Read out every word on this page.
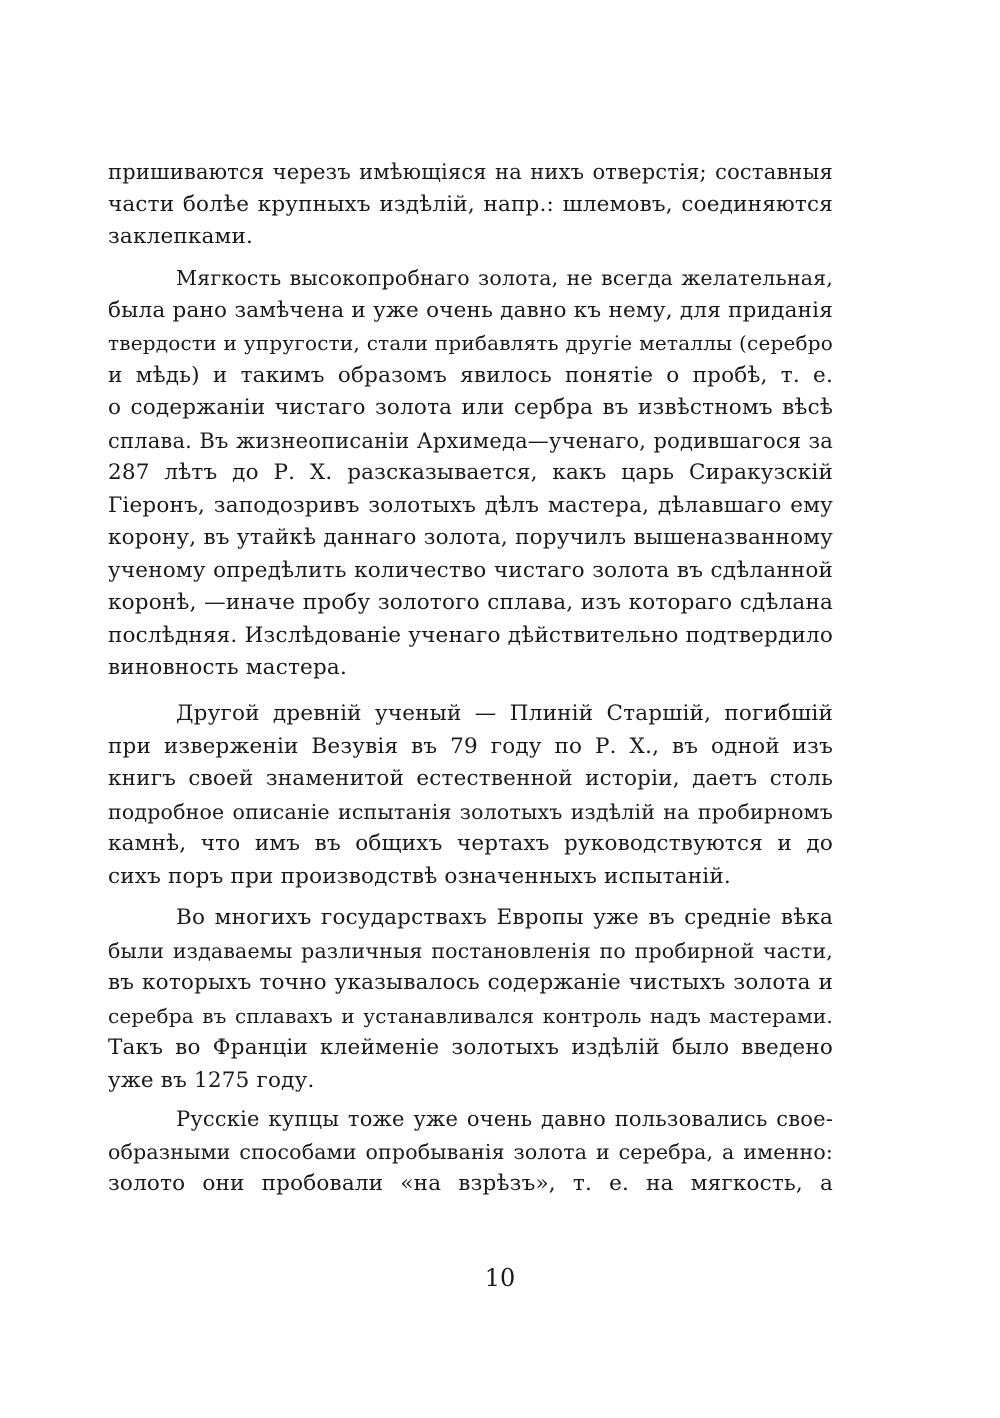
пришиваются черезъ имѣющіяся на нихъ отверстія; составныя
части болѣе крупныхъ издѣлій, напр.: шлемовъ, соединяются
заклепками.
Мягкость высокопробнаго золота, не всегда желательная,
была рано замѣчена и уже очень давно къ нему, для приданія
твердости и упругости, стали прибавлять другіе металлы (серебро
и мѣдь) и такимъ образомъ явилось понятіе о пробѣ, т. е.
о содержаніи чистаго золота или сербра въ извѣстномъ вѣсѣ
сплава. Въ жизнеописаніи Архимеда—ученаго, родившагося за
287 лѣтъ до Р. Х. разсказывается, какъ царь Сиракузскій
Гіеронъ, заподозривъ золотыхъ дѣлъ мастера, дѣлавшаго ему
корону, въ утайкѣ даннаго золота, поручилъ вышеназванному
ученому опредѣлить количество чистаго золота въ сдѣланной
коронѣ, —иначе пробу золотого сплава, изъ котораго сдѣлана
послѣдняя. Изслѣдованіе ученаго дѣйствительно подтвердило
виновность мастера.
Другой древній ученый — Плиній Старшій, погибшій
при изверженіи Везувія въ 79 году по Р. Х., въ одной изъ
книгъ своей знаменитой естественной исторіи, даетъ столь
подробное описаніе испытанія золотыхъ издѣлій на пробирномъ
камнѣ, что имъ въ общихъ чертахъ руководствуются и до
сихъ поръ при производствѣ означенныхъ испытаній.
Во многихъ государствахъ Европы уже въ средніе вѣка
были издаваемы различныя постановленія по пробирной части,
въ которыхъ точно указывалось содержаніе чистыхъ золота и
серебра въ сплавахъ и устанавливался контроль надъ мастерами.
Такъ во Франціи клейменіе золотыхъ издѣлій было введено
уже въ 1275 году.
Русскіе купцы тоже уже очень давно пользовались свое-
образными способами опробыванія золота и серебра, а именно:
золото они пробовали «на взрѣзъ», т. е. на мягкость, а
10
